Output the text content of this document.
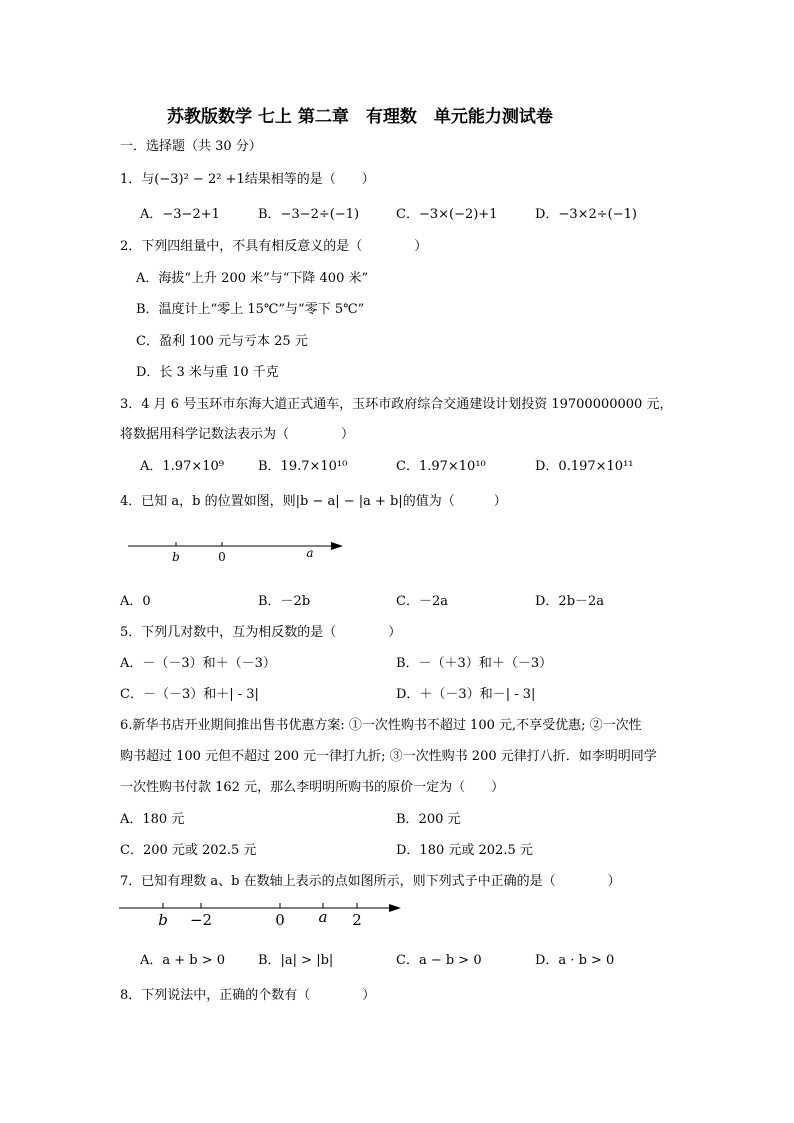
苏教版数学 七上 第二章　有理数　单元能力测试卷
一．选择题（共 30 分）
1．与(−3)² − 2² +1结果相等的是（　　）
A．−3−2+1	B．−3−2÷(−1)	C．−3×(−2)+1	D．−3×2÷(−1)
2．下列四组量中，不具有相反意义的是（　　　　）
A．海拔“上升 200 米”与“下降 400 米”
B．温度计上“零上 15℃”与“零下 5℃”
C．盈利 100 元与亏本 25 元
D．长 3 米与重 10 千克
3．4 月 6 号玉环市东海大道正式通车，玉环市政府综合交通建设计划投资 19700000000 元，
将数据用科学记数法表示为（　　　　）
A．1.97×10⁹	B．19.7×10¹⁰	C．1.97×10¹⁰	D．0.197×10¹¹
4．已知 a，b 的位置如图，则|b − a| − |a + b|的值为（　　　）
b	0	a
A．0	B．－2b	C．－2a	D．2b－2a
5．下列几对数中，互为相反数的是（　　　　）
A．－（－3）和＋（－3）	B．－（＋3）和＋（－3）
C．－（－3）和＋| - 3|	D．＋（－3）和－| - 3|
6.新华书店开业期间推出售书优惠方案: ①一次性购书不超过 100 元,不享受优惠; ②一次性
购书超过 100 元但不超过 200 元一律打九折; ③一次性购书 200 元律打八折．如李明明同学
一次性购书付款 162 元，那么李明明所购书的原价一定为（　　）
A．180 元	B．200 元
C．200 元或 202.5 元	D．180 元或 202.5 元
7．已知有理数 a、b 在数轴上表示的点如图所示，则下列式子中正确的是（　　　　）
b −2	0 a 2
A．a + b > 0	B．|a| > |b|	C．a − b > 0	D．a · b > 0
8．下列说法中，正确的个数有（　　　　）
